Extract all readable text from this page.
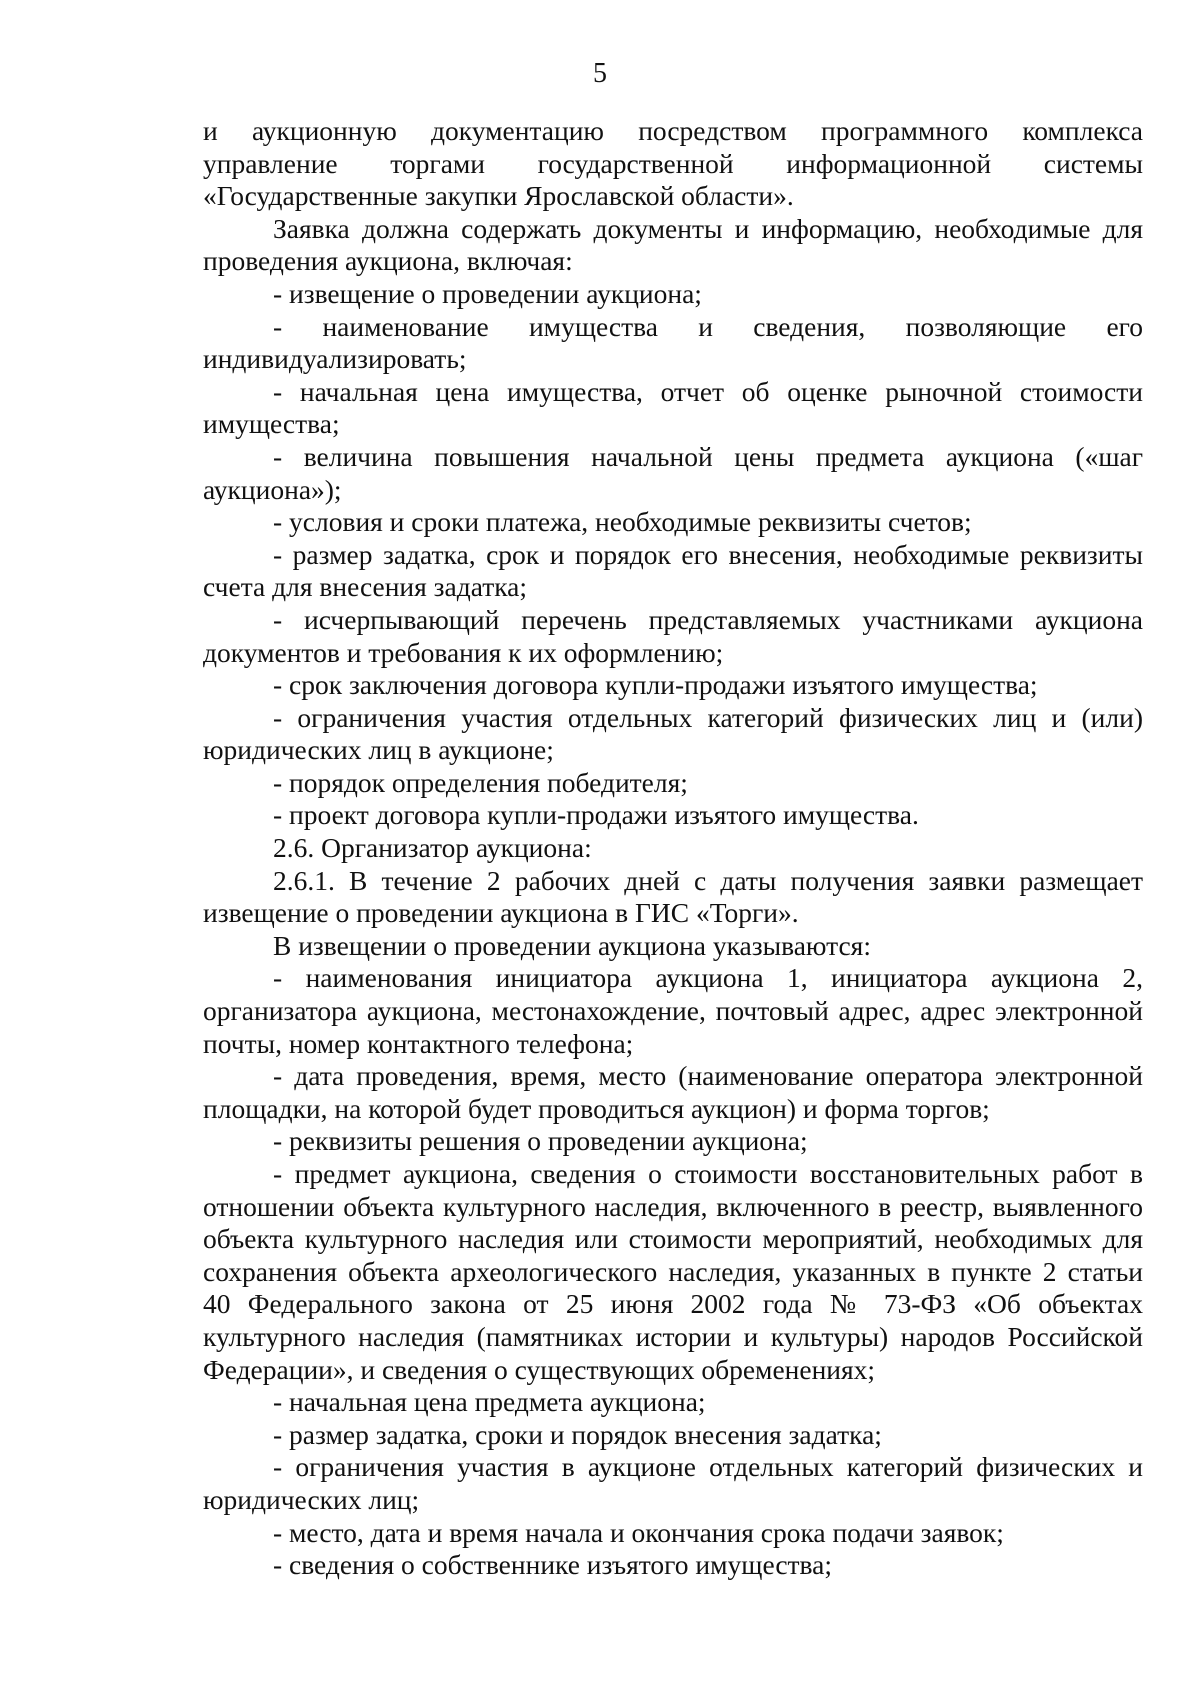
5

и аукционную документацию посредством программного комплекса управление торгами государственной информационной системы «Государственные закупки Ярославской области».

Заявка должна содержать документы и информацию, необходимые для проведения аукциона, включая:

- извещение о проведении аукциона;

- наименование имущества и сведения, позволяющие его индивидуализировать;

- начальная цена имущества, отчет об оценке рыночной стоимости имущества;

- величина повышения начальной цены предмета аукциона («шаг аукциона»);

- условия и сроки платежа, необходимые реквизиты счетов;

- размер задатка, срок и порядок его внесения, необходимые реквизиты счета для внесения задатка;

- исчерпывающий перечень представляемых участниками аукциона документов и требования к их оформлению;

- срок заключения договора купли-продажи изъятого имущества;

- ограничения участия отдельных категорий физических лиц и (или) юридических лиц в аукционе;

- порядок определения победителя;

- проект договора купли-продажи изъятого имущества.

2.6. Организатор аукциона:

2.6.1. В течение 2 рабочих дней с даты получения заявки размещает извещение о проведении аукциона в ГИС «Торги».

В извещении о проведении аукциона указываются:

- наименования инициатора аукциона 1, инициатора аукциона 2, организатора аукциона, местонахождение, почтовый адрес, адрес электронной почты, номер контактного телефона;

- дата проведения, время, место (наименование оператора электронной площадки, на которой будет проводиться аукцион) и форма торгов;

- реквизиты решения о проведении аукциона;

- предмет аукциона, сведения о стоимости восстановительных работ в отношении объекта культурного наследия, включенного в реестр, выявленного объекта культурного наследия или стоимости мероприятий, необходимых для сохранения объекта археологического наследия, указанных в пункте 2 статьи 40 Федерального закона от 25 июня 2002 года № 73-ФЗ «Об объектах культурного наследия (памятниках истории и культуры) народов Российской Федерации», и сведения о существующих обременениях;

- начальная цена предмета аукциона;

- размер задатка, сроки и порядок внесения задатка;

- ограничения участия в аукционе отдельных категорий физических и юридических лиц;

- место, дата и время начала и окончания срока подачи заявок;

- сведения о собственнике изъятого имущества;
